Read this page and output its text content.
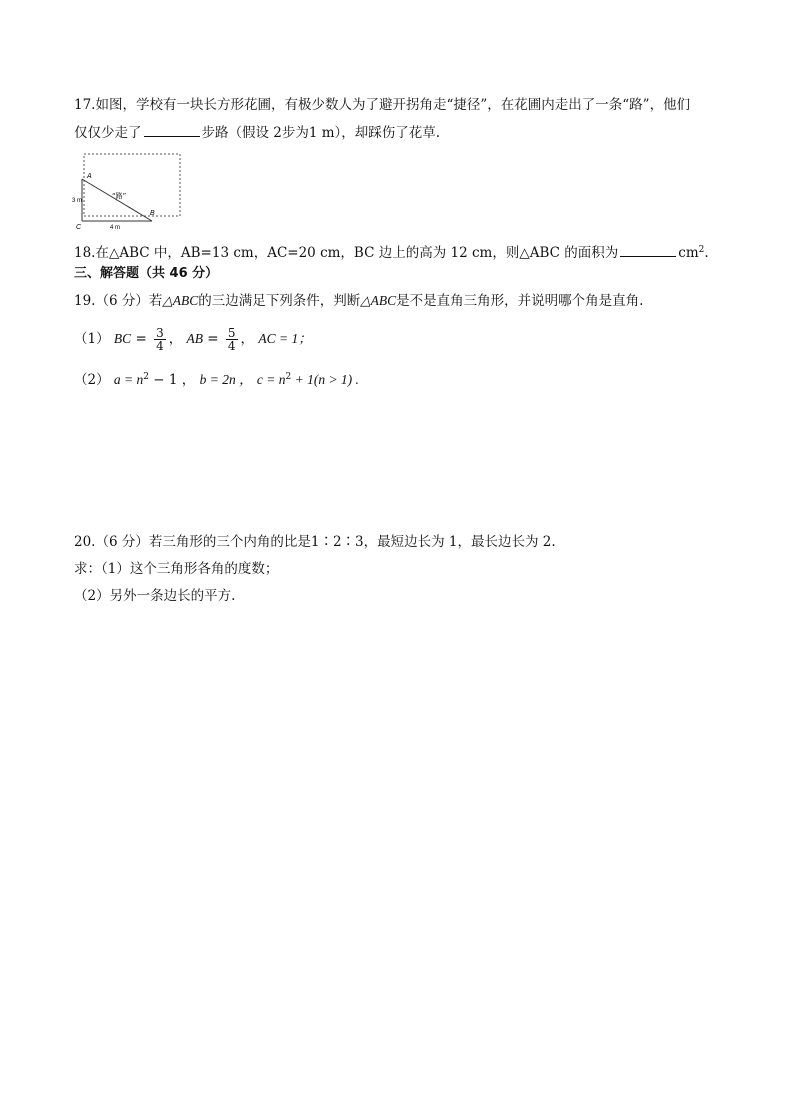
17.如图，学校有一块长方形花圃，有极少数人为了避开拐角走“捷径”，在花圃内走出了一条“路”，他们
仅仅少走了	步路（假设 2步为1 m），却踩伤了花草.
A
B
C
“路”
3 m
4 m
18.在△ABC 中，AB=13 cm，AC=20 cm，BC 边上的高为 12 cm，则△ABC 的面积为	$cm^2$.
三、解答题（共 46 分）
19.（6 分）若△ABC的三边满足下列条件，判断△ABC是不是直角三角形，并说明哪个角是直角.
（1） BC = $\frac{3}{4}$ ， AB = $\frac{5}{4}$ ， AC = 1；
（2） $a = n^2 - 1$ ， b = 2n ， $c = n^2 + 1(n > 1)$ .
20.（6 分）若三角形的三个内角的比是1∶2∶3，最短边长为 1，最长边长为 2.
求：（1）这个三角形各角的度数；
（2）另外一条边长的平方.
